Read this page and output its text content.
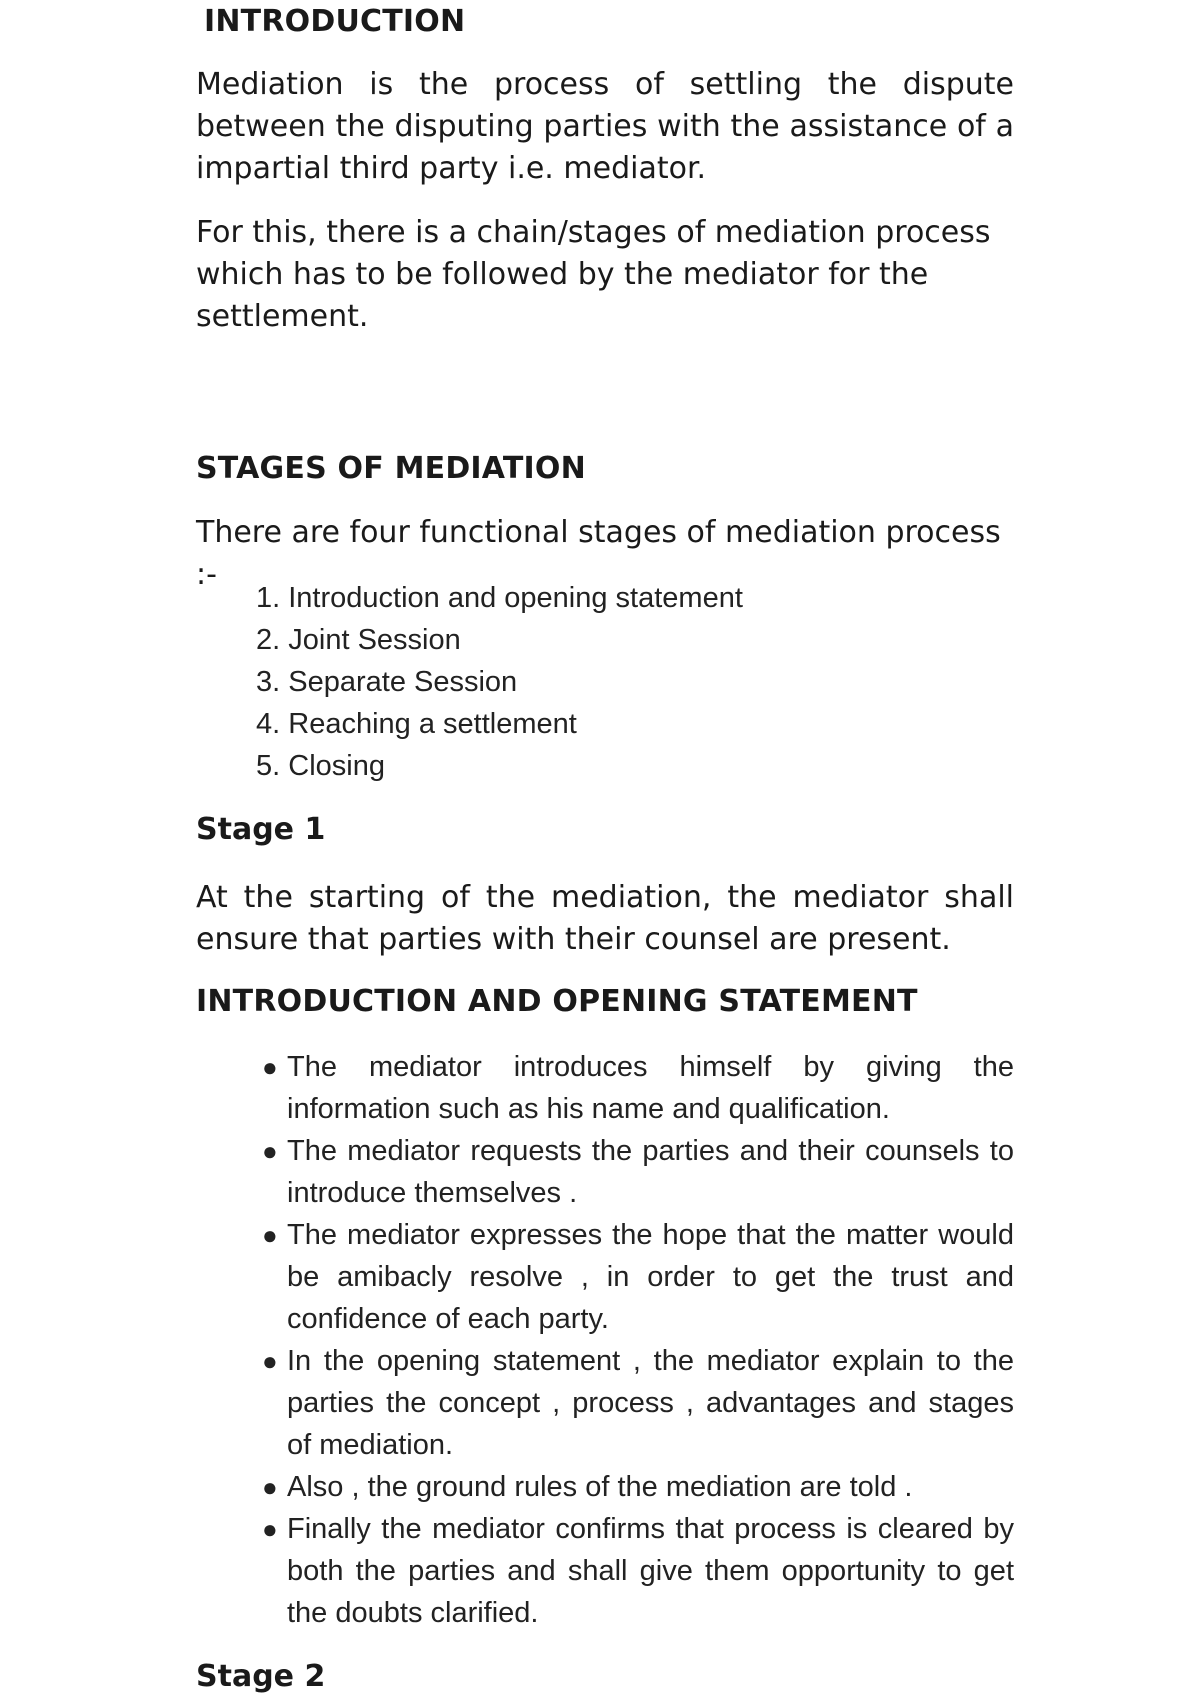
INTRODUCTION

Mediation is the process of settling the dispute between the disputing parties with the assistance of a impartial third party i.e. mediator.

For this, there is a chain/stages of mediation process which has to be followed by the mediator for the settlement.

STAGES OF MEDIATION

There are four functional stages of mediation process :-

1. Introduction and opening statement
2. Joint Session
3. Separate Session
4. Reaching a settlement
5. Closing
Stage 1

At the starting of the mediation, the mediator shall ensure that parties with their counsel are present.

INTRODUCTION AND OPENING STATEMENT
● The mediator introduces himself by giving the information such as his name and qualification.
● The mediator requests the parties and their counsels to introduce themselves .
● The mediator expresses the hope that the matter would be amibacly resolve , in order to get the trust and confidence of each party.
● In the opening statement , the mediator explain to the parties the concept , process , advantages and stages of mediation.
● Also , the ground rules of the mediation are told .
● Finally the mediator confirms that process is cleared by both the parties and shall give them opportunity to get the doubts clarified.
Stage 2
